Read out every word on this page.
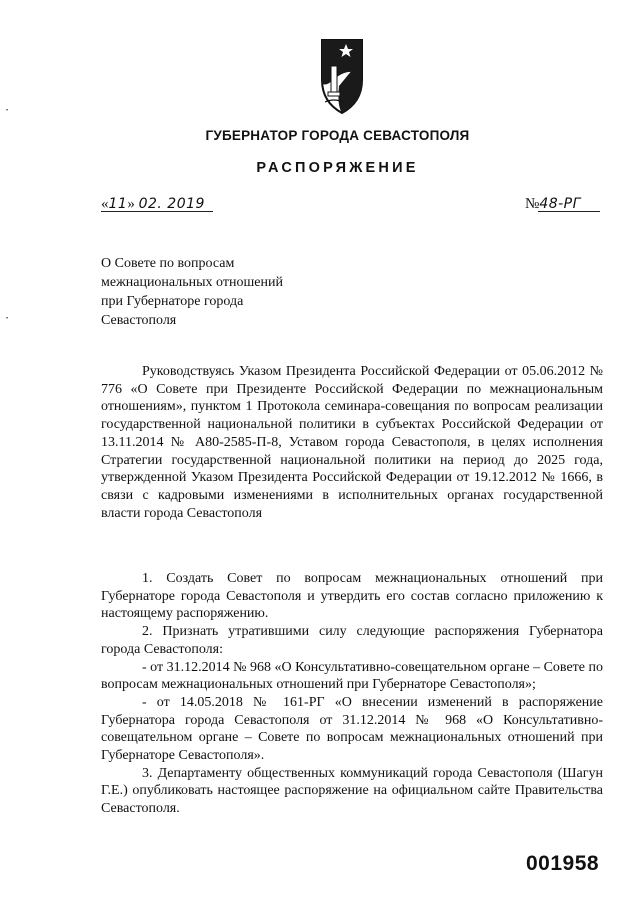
ГУБЕРНАТОР ГОРОДА СЕВАСТОПОЛЯ
РАСПОРЯЖЕНИЕ
«11» 02. 2019	№48-РГ
О Совете по вопросам
межнациональных отношений
при Губернаторе города
Севастополя
Руководствуясь Указом Президента Российской Федерации от 05.06.2012 № 776 «О Совете при Президенте Российской Федерации по межнациональным отношениям», пунктом 1 Протокола семинара-совещания по вопросам реализации государственной национальной политики в субъектах Российской Федерации от 13.11.2014 № А80-2585-П-8, Уставом города Севастополя, в целях исполнения Стратегии государственной национальной политики на период до 2025 года, утвержденной Указом Президента Российской Федерации от 19.12.2012 № 1666, в связи с кадровыми изменениями в исполнительных органах государственной власти города Севастополя

1. Создать Совет по вопросам межнациональных отношений при Губернаторе города Севастополя и утвердить его состав согласно приложению к настоящему распоряжению.

2. Признать утратившими силу следующие распоряжения Губернатора города Севастополя:

- от 31.12.2014 № 968 «О Консультативно-совещательном органе – Совете по вопросам межнациональных отношений при Губернаторе Севастополя»;

- от 14.05.2018 № 161-РГ «О внесении изменений в распоряжение Губернатора города Севастополя от 31.12.2014 № 968 «О Консультативно-совещательном органе – Совете по вопросам межнациональных отношений при Губернаторе Севастополя».

3. Департаменту общественных коммуникаций города Севастополя (Шагун Г.Е.) опубликовать настоящее распоряжение на официальном сайте Правительства Севастополя.

•
•
001958
